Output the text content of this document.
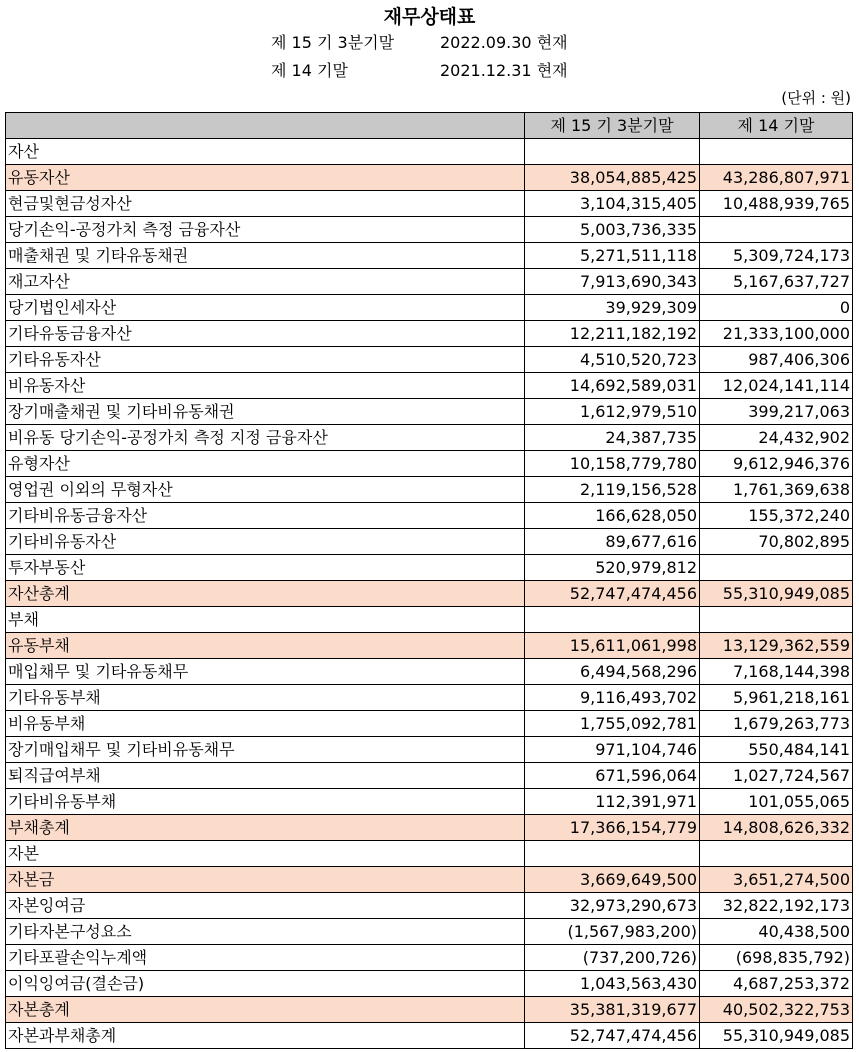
재무상태표
제 15 기 3분기말	2022.09.30 현재
제 14 기말	2021.12.31 현재
(단위 : 원)
	제 15 기 3분기말	제 14 기말
자산		
유동자산	38,054,885,425	43,286,807,971
현금및현금성자산	3,104,315,405	10,488,939,765
당기손익-공정가치 측정 금융자산	5,003,736,335	
매출채권 및 기타유동채권	5,271,511,118	5,309,724,173
재고자산	7,913,690,343	5,167,637,727
당기법인세자산	39,929,309	0
기타유동금융자산	12,211,182,192	21,333,100,000
기타유동자산	4,510,520,723	987,406,306
비유동자산	14,692,589,031	12,024,141,114
장기매출채권 및 기타비유동채권	1,612,979,510	399,217,063
비유동 당기손익-공정가치 측정 지정 금융자산	24,387,735	24,432,902
유형자산	10,158,779,780	9,612,946,376
영업권 이외의 무형자산	2,119,156,528	1,761,369,638
기타비유동금융자산	166,628,050	155,372,240
기타비유동자산	89,677,616	70,802,895
투자부동산	520,979,812	
자산총계	52,747,474,456	55,310,949,085
부채		
유동부채	15,611,061,998	13,129,362,559
매입채무 및 기타유동채무	6,494,568,296	7,168,144,398
기타유동부채	9,116,493,702	5,961,218,161
비유동부채	1,755,092,781	1,679,263,773
장기매입채무 및 기타비유동채무	971,104,746	550,484,141
퇴직급여부채	671,596,064	1,027,724,567
기타비유동부채	112,391,971	101,055,065
부채총계	17,366,154,779	14,808,626,332
자본		
자본금	3,669,649,500	3,651,274,500
자본잉여금	32,973,290,673	32,822,192,173
기타자본구성요소	(1,567,983,200)	40,438,500
기타포괄손익누계액	(737,200,726)	(698,835,792)
이익잉여금(결손금)	1,043,563,430	4,687,253,372
자본총계	35,381,319,677	40,502,322,753
자본과부채총계	52,747,474,456	55,310,949,085
